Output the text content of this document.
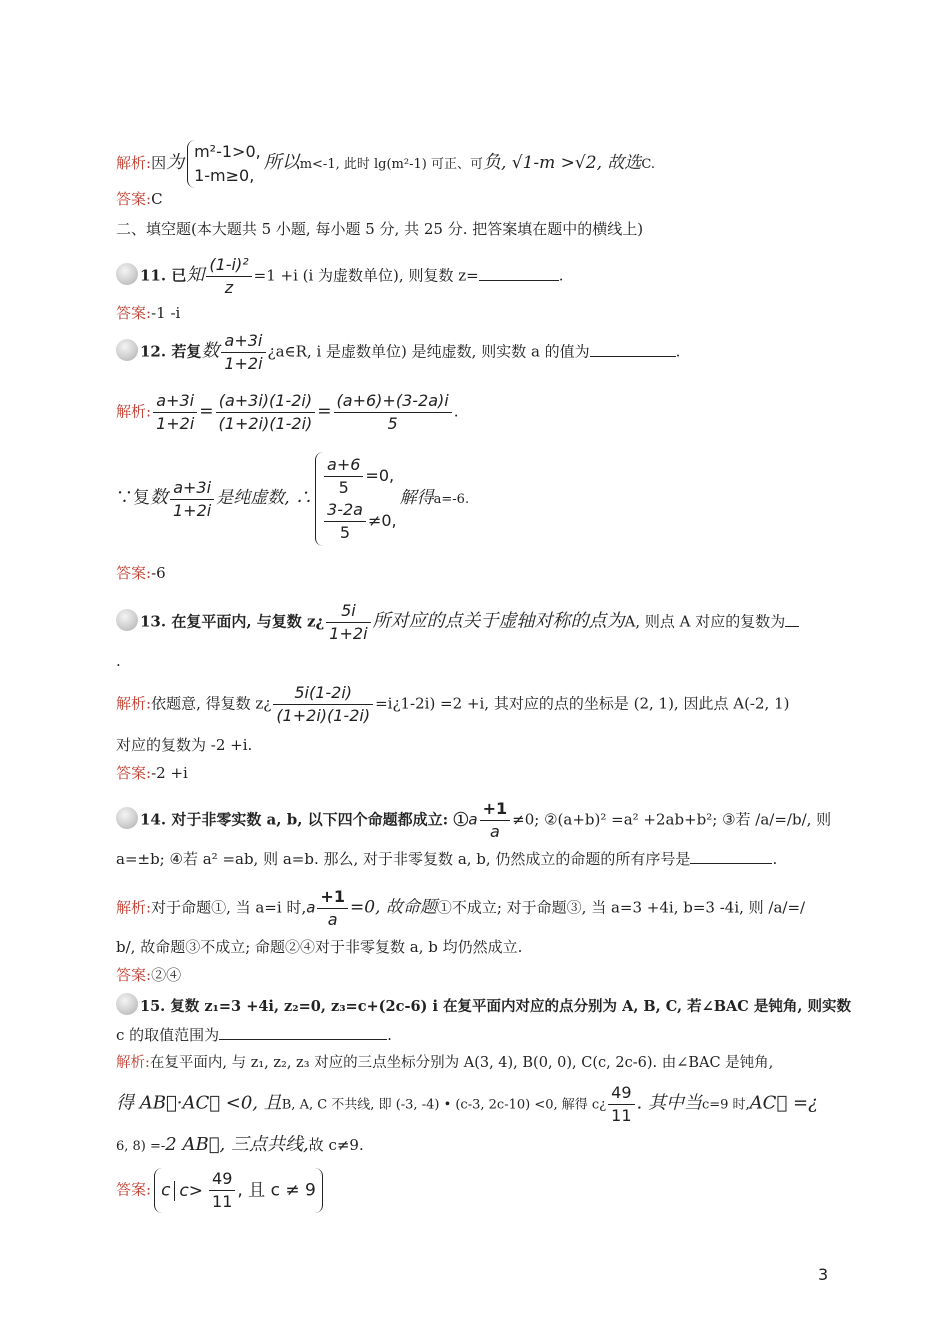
解析:因为
m²-1>0,
1-m≥0,
所以m<-1, 此时 lg(m²-1) 可正、可负, √1-m >√2, 故选C.
答案:C
二、填空题(本大题共 5 小题, 每小题 5 分, 共 25 分. 把答案填在题中的横线上)
11. 已知 $\frac{\text{(1-i)²}}{z} =1 +i$ (i 为虚数单位), 则复数 z=	.
答案:-1 -i
12. 若复数 $\frac{a+3i}{1+2i}$ ¿a∈R, i 是虚数单位) 是纯虚数, 则实数 a 的值为	.
解析: $\frac{a+3i}{1+2i} = \frac{(a+3i)(1-2i)}{(1+2i)(1-2i)} = \frac{(a+6)+(3-2a)i}{5}$ .
∵复数 $\frac{a+3i}{1+2i}$ 是纯虚数, ∴ $\frac{a+6}{5} =0$,
$\frac{3-2a}{5} \ne 0$,
解得a=-6.
答案:-6
13. 在复平面内, 与复数 z¿ $\frac{5i}{1+2i}$ 所对应的点关于虚轴对称的点为A, 则点 A 对应的复数为
.
解析:依题意, 得复数 z¿ $\frac{5i(1-2i)}{(1+2i)(1-2i)}$ =i¿1-2i) =2 +i, 其对应的点的坐标是 (2, 1), 因此点 A(-2, 1)
对应的复数为 -2 +i.
答案:-2 +i
14. 对于非零实数 a, b, 以下四个命题都成立: ①a $\frac{+1}{a} \ne 0$; ②(a+b)² =a² +2ab+b²; ③若 /a/=/b/, 则
a=±b; ④若 a² =ab, 则 a=b. 那么, 对于非零复数 a, b, 仍然成立的命题的所有序号是	.
解析:对于命题①, 当 a=i 时$,a \frac{+1}{a} =0$, 故命题①不成立; 对于命题③, 当 a=3 +4i, b=3 -4i, 则 /a/=/
b/, 故命题③不成立; 命题②④对于非零复数 a, b 均仍然成立.
答案:②④
15. 复数 z₁=3 +4i, z₂=0, z₃=c+(2c-6) i 在复平面内对应的点分别为 A, B, C, 若∠BAC 是钝角, 则实数
c 的取值范围为	.
解析:在复平面内, 与 z₁, z₂, z₃ 对应的三点坐标分别为 A(3, 4), B(0, 0), C(c, 2c-6). 由∠BAC 是钝角,
得 AB⃗·AC⃗ <0, 且B, A, C 不共线, 即 (-3, -4) • (c-3, 2c-10) <0, 解得 c¿ $\frac{49}{11}$ . 其中当c=9 时,AC⃗ =¿
6, 8) =-2 AB⃗, 三点共线,故 c≠9.
答案: c $c> \frac{49}{11}$ , 且 c ≠ 9
3
